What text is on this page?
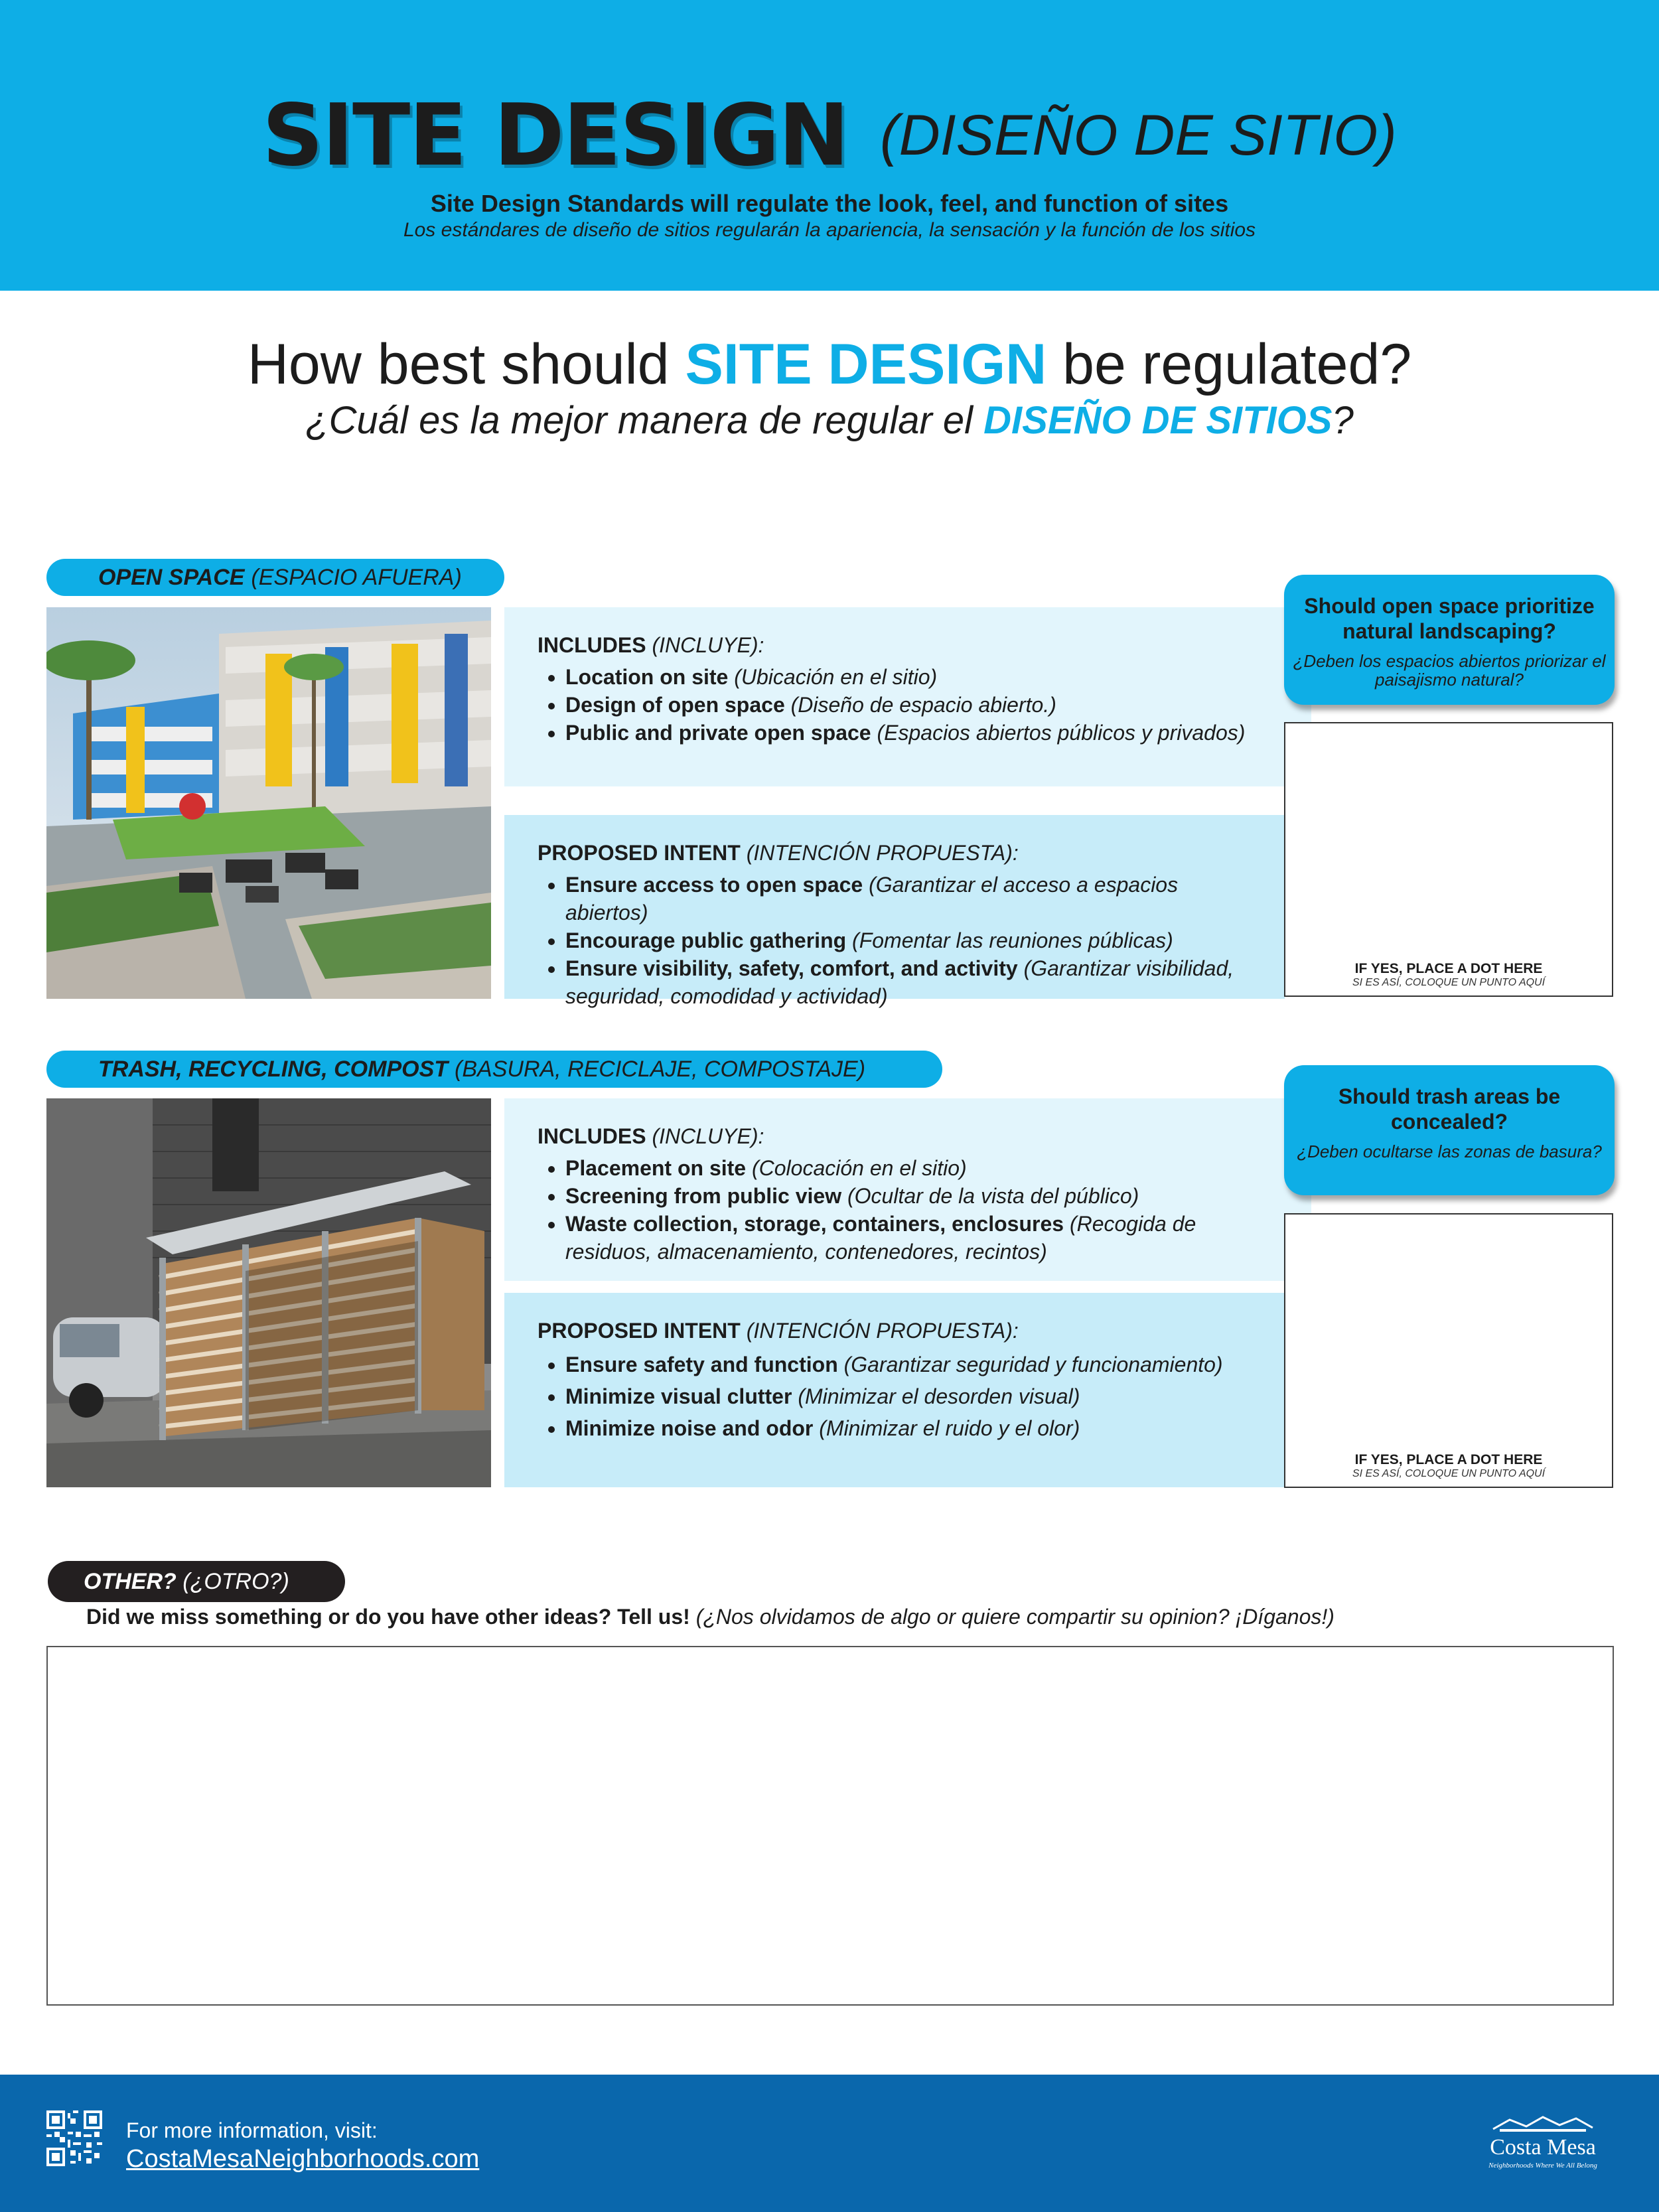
SITE DESIGN (DISEÑO DE SITIO)
Site Design Standards will regulate the look, feel, and function of sites
Los estándares de diseño de sitios regularán la apariencia, la sensación y la función de los sitios
How best should SITE DESIGN be regulated?
¿Cuál es la mejor manera de regular el DISEÑO DE SITIOS?
OPEN SPACE (ESPACIO AFUERA)
INCLUDES (INCLUYE):
• Location on site (Ubicación en el sitio)
• Design of open space (Diseño de espacio abierto.)
• Public and private open space (Espacios abiertos públicos y privados)
PROPOSED INTENT (INTENCIÓN PROPUESTA):
• Ensure access to open space (Garantizar el acceso a espacios abiertos)
• Encourage public gathering (Fomentar las reuniones públicas)
• Ensure visibility, safety, comfort, and activity (Garantizar visibilidad, seguridad, comodidad y actividad)
Should open space prioritize natural landscaping?
¿Deben los espacios abiertos priorizar el paisajismo natural?
IF YES, PLACE A DOT HERE
SI ES ASÍ, COLOQUE UN PUNTO AQUÍ
TRASH, RECYCLING, COMPOST (BASURA, RECICLAJE, COMPOSTAJE)
INCLUDES (INCLUYE):
• Placement on site (Colocación en el sitio)
• Screening from public view (Ocultar de la vista del público)
• Waste collection, storage, containers, enclosures (Recogida de residuos, almacenamiento, contenedores, recintos)
PROPOSED INTENT (INTENCIÓN PROPUESTA):
• Ensure safety and function (Garantizar seguridad y funcionamiento)
• Minimize visual clutter (Minimizar el desorden visual)
• Minimize noise and odor (Minimizar el ruido y el olor)
Should trash areas be concealed?
¿Deben ocultarse las zonas de basura?
IF YES, PLACE A DOT HERE
SI ES ASÍ, COLOQUE UN PUNTO AQUÍ
OTHER? (¿OTRO?)
Did we miss something or do you have other ideas? Tell us! (¿Nos olvidamos de algo or quiere compartir su opinion? ¡Díganos!)
For more information, visit:
CostaMesaNeighborhoods.com	Costa Mesa
Neighborhoods Where We All Belong
